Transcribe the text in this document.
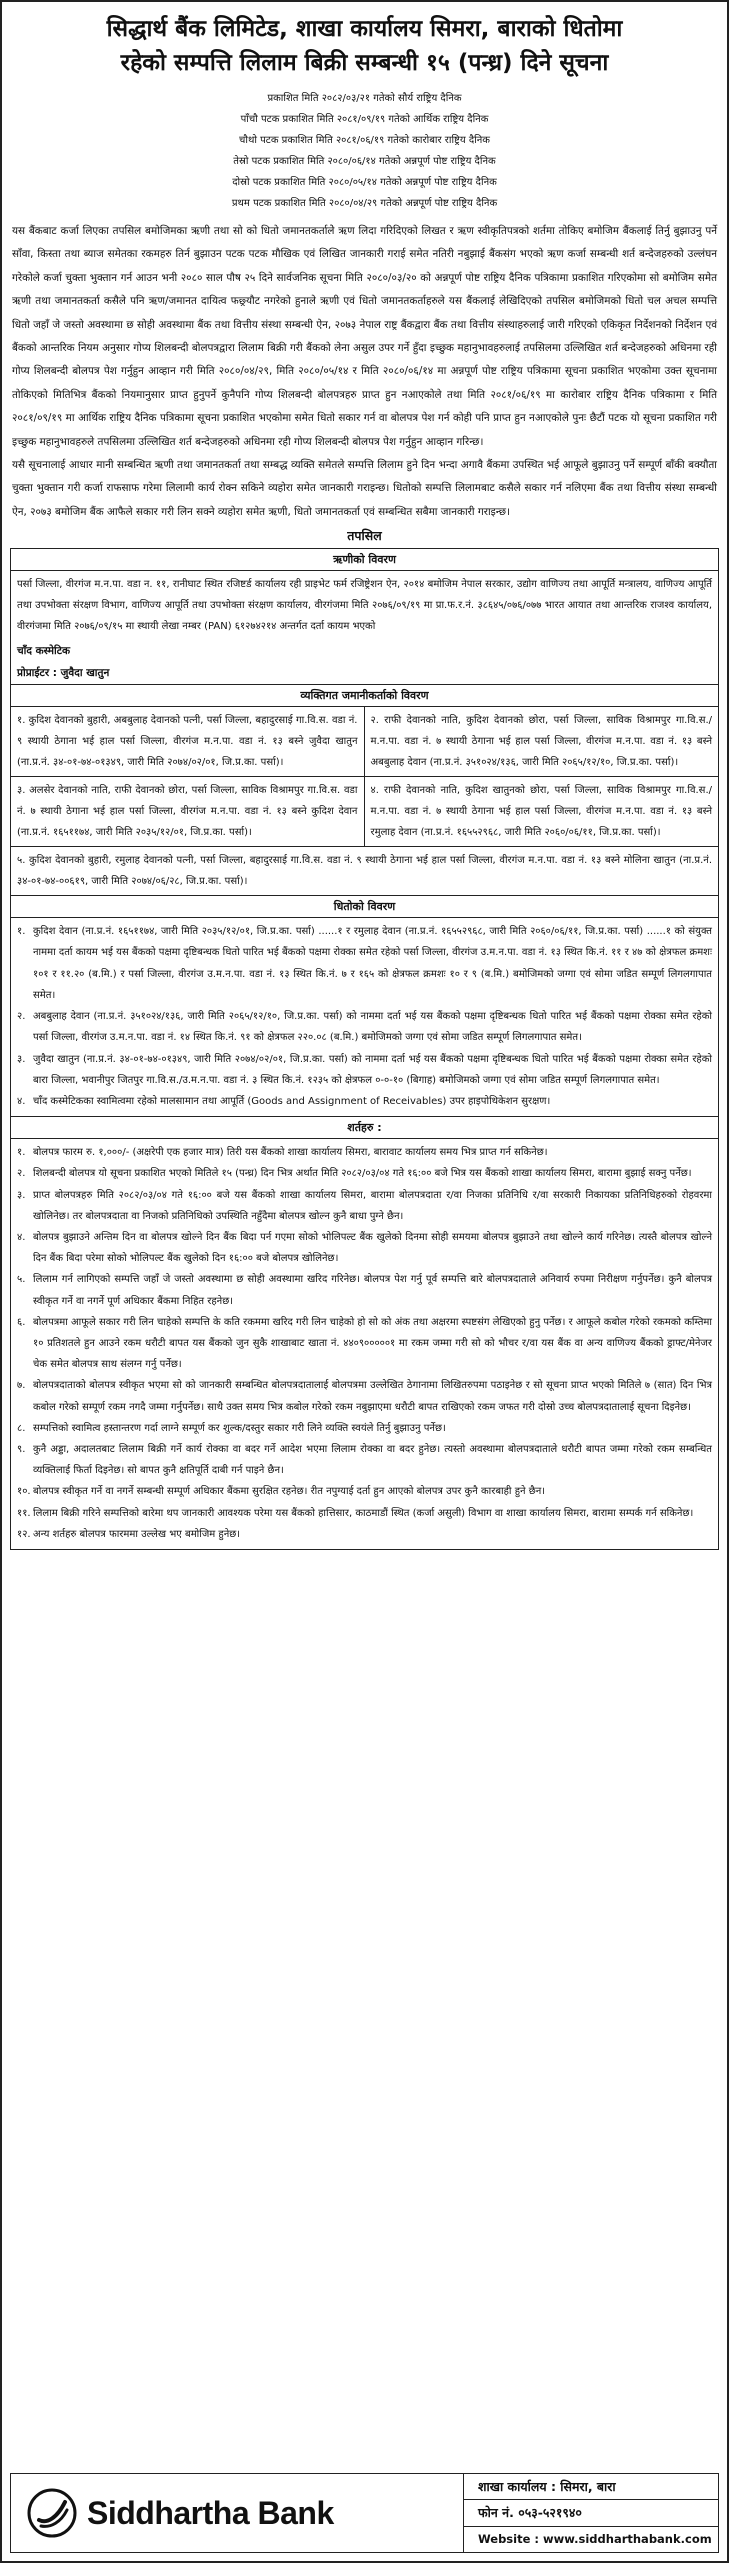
सिद्धार्थ बैंक लिमिटेड, शाखा कार्यालय सिमरा, बाराको धितोमा
रहेको सम्पत्ति लिलाम बिक्री सम्बन्धी १५ (पन्ध्र) दिने सूचना
प्रकाशित मिति २०८२/०३/२१ गतेको सौर्य राष्ट्रिय दैनिक
पाँचौ पटक प्रकाशित मिति २०८१/०९/१९ गतेको आर्थिक राष्ट्रिय दैनिक
चौथो पटक प्रकाशित मिति २०८१/०६/१९ गतेको कारोबार राष्ट्रिय दैनिक
तेस्रो पटक प्रकाशित मिति २०८०/०६/१४ गतेको अन्नपूर्ण पोष्ट राष्ट्रिय दैनिक
दोस्रो पटक प्रकाशित मिति २०८०/०५/१४ गतेको अन्नपूर्ण पोष्ट राष्ट्रिय दैनिक
प्रथम पटक प्रकाशित मिति २०८०/०४/२९ गतेको अन्नपूर्ण पोष्ट राष्ट्रिय दैनिक

यस बैंकबाट कर्जा लिएका तपसिल बमोजिमका ऋणी तथा सो को धितो जमानतकर्तालेे ऋण लिदा गरिदिएको लिखत र ऋण स्वीकृतिपत्रको शर्तमा तोकिए बमोजिम बैंकलाई तिर्नु बुझाउनु पर्ने साँवा, किस्ता तथा ब्याज समेतका रकमहरु तिर्न बुझाउन पटक पटक मौखिक एवं लिखित जानकारी गराई समेत नतिरी नबुझाई बैंकसंग भएको ऋण कर्जा सम्बन्धी शर्त बन्देजहरुको उल्लंघन गरेकोले कर्जा चुक्ता भुक्तान गर्न आउन भनी २०८० साल पौष २५ दिने सार्वजनिक सूचना मिति २०८०/०३/२० को अन्नपूर्ण पोष्ट राष्ट्रिय दैनिक पत्रिकामा प्रकाशित गरिएकोमा सो बमोजिम समेत ऋणी तथा जमानतकर्ता कसैले पनि ऋण/जमानत दायित्व फछ्र्यौट नगरेको हुनाले ऋणी एवं धितो जमानतकर्ताहरुले यस बैंकलाई लेखिदिएको तपसिल बमोजिमको धितो चल अचल सम्पत्ति धितो जहाँ जे जस्तो अवस्थामा छ सोही अवस्थामा बैंक तथा वित्तीय संस्था सम्बन्धी ऐन, २०७३ नेपाल राष्ट्र बैंकद्वारा बैंक तथा वित्तीय संस्थाहरुलाई जारी गरिएको एकिकृत निर्देशनको निर्देशन एवं बैंकको आन्तरिक नियम अनुसार गोप्य शिलबन्दी बोलपत्रद्वारा लिलाम बिक्री गरी बैंकको लेना असुल उपर गर्ने हुँदा इच्छुक महानुभावहरुलाई तपसिलमा उल्लिखित शर्त बन्देजहरुको अधिनमा रही गोप्य शिलबन्दी बोलपत्र पेश गर्नुहुन आव्हान गरी मिति २०८०/०४/२९, मिति २०८०/०५/१४ र मिति २०८०/०६/१४ मा अन्नपूर्ण पोष्ट राष्ट्रिय पत्रिकामा सूचना प्रकाशित भएकोमा उक्त सूचनामा तोकिएको मितिभित्र बैंकको नियमानुसार प्राप्त हुनुपर्ने कुनैपनि गोप्य शिलबन्दी बोलपत्रहरु प्राप्त हुन नआएकोले तथा मिति २०८१/०६/१९ मा कारोबार राष्ट्रिय दैनिक पत्रिकामा र मिति २०८१/०९/१९ मा आर्थिक राष्ट्रिय दैनिक पत्रिकामा सूचना प्रकाशित भएकोमा समेत धितो सकार गर्न वा बोलपत्र पेश गर्न कोही पनि प्राप्त हुन नआएकोले पुनः छैटौं पटक यो सूचना प्रकाशित गरी इच्छुक महानुभावहरुले तपसिलमा उल्लिखित शर्त बन्देजहरुको अधिनमा रही गोप्य शिलबन्दी बोलपत्र पेश गर्नुहुन आव्हान गरिन्छ।

यसै सूचनालाई आधार मानी सम्बन्धित ऋणी तथा जमानतकर्ता तथा सम्बद्ध व्यक्ति समेतले सम्पत्ति लिलाम हुने दिन भन्दा अगावै बैंकमा उपस्थित भई आफूले बुझाउनु पर्ने सम्पूर्ण बाँकी बक्यौता चुक्ता भुक्तान गरी कर्जा राफसाफ गरेमा लिलामी कार्य रोक्न सकिने व्यहोरा समेत जानकारी गराइन्छ। धितोको सम्पत्ति लिलामबाट कसैले सकार गर्न नलिएमा बैंक तथा वित्तीय संस्था सम्बन्धी ऐन, २०७३ बमोजिम बैंक आफैले सकार गरी लिन सक्ने व्यहोरा समेत ऋणी, धितो जमानतकर्ता एवं सम्बन्धित सबैमा जानकारी गराइन्छ।

तपसिल
ऋणीको विवरण
पर्सा जिल्ला, वीरगंज म.न.पा. वडा न. ११, रानीघाट स्थित रजिष्टर्ड कार्यालय रही प्राइभेट फर्म रजिष्ट्रेशन ऐन, २०१४ बमोजिम नेपाल सरकार, उद्योग वाणिज्य तथा आपूर्ति मन्त्रालय, वाणिज्य आपूर्ति तथा उपभोक्ता संरक्षण विभाग, वाणिज्य आपूर्ति तथा उपभोक्ता संरक्षण कार्यालय, वीरगंजमा मिति २०७६/०९/१९ मा प्रा.फ.र.नं. ३८६४५/०७६/०७७ भारत आयात तथा आन्तरिक राजश्व कार्यालय, वीरगंजमा मिति २०७६/०९/१५ मा स्थायी लेखा नम्बर (PAN) ६१२७४२१४ अन्तर्गत दर्ता कायम भएको
चाँद कस्मेटिक
प्रोप्राईटर : जुवैदा खातुन
व्यक्तिगत जमानीकर्ताको विवरण
१. कुदिश देवानको बुहारी, अबबुलाह देवानको पत्नी, पर्सा जिल्ला, बहादुरसाई गा.वि.स. वडा नं. ९ स्थायी ठेगाना भई हाल पर्सा जिल्ला, वीरगंज म.न.पा. वडा नं. १३ बस्ने जुवैदा खातुन (ना.प्र.नं. ३४-०१-७४-०१३४९, जारी मिति २०७४/०२/०१, जि.प्र.का. पर्सा)।
२. राफी देवानको नाति, कुदिश देवानको छोरा, पर्सा जिल्ला, साविक विश्रामपुर गा.वि.स./म.न.पा. वडा नं. ७ स्थायी ठेगाना भई हाल पर्सा जिल्ला, वीरगंज म.न.पा. वडा नं. १३ बस्ने अबबुलाह देवान (ना.प्र.नं. ३५१०२४/१३६, जारी मिति २०६५/१२/१०, जि.प्र.का. पर्सा)।
३. अलसेर देवानको नाति, राफी देवानको छोरा, पर्सा जिल्ला, साविक विश्रामपुर गा.वि.स. वडा नं. ७ स्थायी ठेगाना भई हाल पर्सा जिल्ला, वीरगंज म.न.पा. वडा नं. १३ बस्ने कुदिश देवान (ना.प्र.नं. १६५११७४, जारी मिति २०३५/१२/०१, जि.प्र.का. पर्सा)।
४. राफी देवानको नाति, कुदिश खातुनको छोरा, पर्सा जिल्ला, साविक विश्रामपुर गा.वि.स./म.न.पा. वडा नं. ७ स्थायी ठेगाना भई हाल पर्सा जिल्ला, वीरगंज म.न.पा. वडा नं. १३ बस्ने रमुलाह देवान (ना.प्र.नं. १६५५२९६८, जारी मिति २०६०/०६/११, जि.प्र.का. पर्सा)।
५. कुदिश देवानको बुहारी, रमुलाह देवानको पत्नी, पर्सा जिल्ला, बहादुरसाई गा.वि.स. वडा नं. ९ स्थायी ठेगाना भई हाल पर्सा जिल्ला, वीरगंज म.न.पा. वडा नं. १३ बस्ने मोलिना खातुन (ना.प्र.नं. ३४-०१-७४-००६१९, जारी मिति २०७४/०६/२८, जि.प्र.का. पर्सा)।
धितोको विवरण
१. कुदिश देवान (ना.प्र.नं. १६५११७४, जारी मिति २०३५/१२/०१, जि.प्र.का. पर्सा) ......१ र रमुलाह देवान (ना.प्र.नं. १६५५२९६८, जारी मिति २०६०/०६/११, जि.प्र.का. पर्सा) ......१ को संयुक्त नाममा दर्ता कायम भई यस बैंकको पक्षमा दृष्टिबन्धक धितो पारित भई बैंकको पक्षमा रोक्का समेत रहेको पर्सा जिल्ला, वीरगंज उ.म.न.पा. वडा नं. १३ स्थित कि.नं. ११ र ४७ को क्षेत्रफल क्रमशः १०१ र ११.२० (ब.मि.) र पर्सा जिल्ला, वीरगंज उ.म.न.पा. वडा नं. १३ स्थित कि.नं. ७ र १६५ को क्षेत्रफल क्रमशः १० र ९ (ब.मि.) बमोजिमको जग्गा एवं सोमा जडित सम्पूर्ण लिगलगापात समेत।
२. अबबुलाह देवान (ना.प्र.नं. ३५१०२४/१३६, जारी मिति २०६५/१२/१०, जि.प्र.का. पर्सा) को नाममा दर्ता भई यस बैंकको पक्षमा दृष्टिबन्धक धितो पारित भई बैंकको पक्षमा रोक्का समेत रहेको पर्सा जिल्ला, वीरगंज उ.म.न.पा. वडा नं. १४ स्थित कि.नं. ९१ को क्षेत्रफल २२०.०८ (ब.मि.) बमोजिमको जग्गा एवं सोमा जडित सम्पूर्ण लिगलगापात समेत।
३. जुवैदा खातुन (ना.प्र.नं. ३४-०१-७४-०१३४९, जारी मिति २०७४/०२/०१, जि.प्र.का. पर्सा) को नाममा दर्ता भई यस बैंकको पक्षमा दृष्टिबन्धक धितो पारित भई बैंकको पक्षमा रोक्का समेत रहेको बारा जिल्ला, भवानीपुर जितपुर गा.वि.स./उ.म.न.पा. वडा नं. ३ स्थित कि.नं. १२३५ को क्षेत्रफल ०-०-१० (बिगाह) बमोजिमको जग्गा एवं सोमा जडित सम्पूर्ण लिगलगापात समेत।
४. चाँद कस्मेटिकका स्वामित्वमा रहेको मालसामान तथा आपूर्ति (Goods and Assignment of Receivables) उपर हाइपोथिकेशन सुरक्षण।
शर्तहरु :
१. बोलपत्र फारम रु. १,०००/- (अक्षरेपी एक हजार मात्र) तिरी यस बैंकको शाखा कार्यालय सिमरा, बारावाट कार्यालय समय भित्र प्राप्त गर्न सकिनेछ।
२. शिलबन्दी बोलपत्र यो सूचना प्रकाशित भएको मितिले १५ (पन्ध्र) दिन भित्र अर्थात मिति २०८२/०३/०४ गते १६:०० बजे भित्र यस बैंकको शाखा कार्यालय सिमरा, बारामा बुझाई सक्नु पर्नेछ।
३. प्राप्त बोलपत्रहरु मिति २०८२/०३/०४ गते १६:०० बजे यस बैंकको शाखा कार्यालय सिमरा, बारामा बोलपत्रदाता र/वा निजका प्रतिनिधि र/वा सरकारी निकायका प्रतिनिधिहरुको रोहवरमा खोलिनेछ। तर बोलपत्रदाता वा निजको प्रतिनिधिको उपस्थिति नहुँदैमा बोलपत्र खोल्न कुनै बाधा पुग्ने छैन।
४. बोलपत्र बुझाउने अन्तिम दिन वा बोलपत्र खोल्ने दिन बैंक बिदा पर्न गएमा सोको भोलिपल्ट बैंक खुलेको दिनमा सोही समयमा बोलपत्र बुझाउने तथा खोल्ने कार्य गरिनेछ। त्यस्तै बोलपत्र खोल्ने दिन बैंक बिदा परेमा सोको भोलिपल्ट बैंक खुलेको दिन १६:०० बजे बोलपत्र खोलिनेछ।
५. लिलाम गर्न लागिएको सम्पत्ति जहाँ जे जस्तो अवस्थामा छ सोही अवस्थामा खरिद गरिनेछ। बोलपत्र पेश गर्नु पूर्व सम्पत्ति बारे बोलपत्रदाताले अनिवार्य रुपमा निरीक्षण गर्नुपर्नेछ। कुनै बोलपत्र स्वीकृत गर्ने वा नगर्ने पूर्ण अधिकार बैंकमा निहित रहनेछ।
६. बोलपत्रमा आफूले सकार गरी लिन चाहेको सम्पत्ति के कति रकममा खरिद गरी लिन चाहेको हो सो को अंक तथा अक्षरमा स्पष्टसंग लेखिएको हुनु पर्नेछ। र आफूले कबोल गरेको रकमको कम्तिमा १० प्रतिशतले हुन आउने रकम धरौटी बापत यस बैंकको जुन सुकै शाखाबाट खाता नं. ४४०९०००००१ मा रकम जम्मा गरी सो को भौचर र/वा यस बैंक वा अन्य वाणिज्य बैंकको ड्राफ्ट/मेनेजर चेक समेत बोलपत्र साथ संलग्न गर्नु पर्नेछ।
७. बोलपत्रदाताको बोलपत्र स्वीकृत भएमा सो को जानकारी सम्बन्धित बोलपत्रदातालाई बोलपत्रमा उल्लेखित ठेगानामा लिखितरुपमा पठाइनेछ र सो सूचना प्राप्त भएको मितिले ७ (सात) दिन भित्र कबोल गरेको सम्पूर्ण रकम नगदै जम्मा गर्नुपर्नेछ। साथै उक्त समय भित्र कबोल गरेको रकम नबुझाएमा धरौटी बापत राखिएको रकम जफत गरी दोस्रो उच्च बोलपत्रदातालाई सूचना दिइनेछ।
८. सम्पत्तिको स्वामित्व हस्तान्तरण गर्दा लाग्ने सम्पूर्ण कर शुल्क/दस्तुर सकार गरी लिने व्यक्ति स्वयंले तिर्नु बुझाउनु पर्नेछ।
९. कुनै अड्डा, अदालतबाट लिलाम बिक्री गर्ने कार्य रोक्का वा बदर गर्ने आदेश भएमा लिलाम रोक्का वा बदर हुनेछ। त्यस्तो अवस्थामा बोलपत्रदाताले धरौटी बापत जम्मा गरेको रकम सम्बन्धित व्यक्तिलाई फिर्ता दिइनेछ। सो बापत कुनै क्षतिपूर्ति दाबी गर्न पाइने छैन।
१०. बोलपत्र स्वीकृत गर्ने वा नगर्ने सम्बन्धी सम्पूर्ण अधिकार बैंकमा सुरक्षित रहनेछ। रीत नपुग्याई दर्ता हुन आएको बोलपत्र उपर कुनै कारबाही हुने छैन।
११. लिलाम बिक्री गरिने सम्पत्तिको बारेमा थप जानकारी आवश्यक परेमा यस बैंकको हात्तिसार, काठमाडौं स्थित (कर्जा असुली) विभाग वा शाखा कार्यालय सिमरा, बारामा सम्पर्क गर्न सकिनेछ।
१२. अन्य शर्तहरु बोलपत्र फारममा उल्लेख भए बमोजिम हुनेछ।
Siddhartha Bank
शाखा कार्यालय : सिमरा, बारा
फोन नं. ०५३-५२१९४०
Website : www.siddharthabank.com
